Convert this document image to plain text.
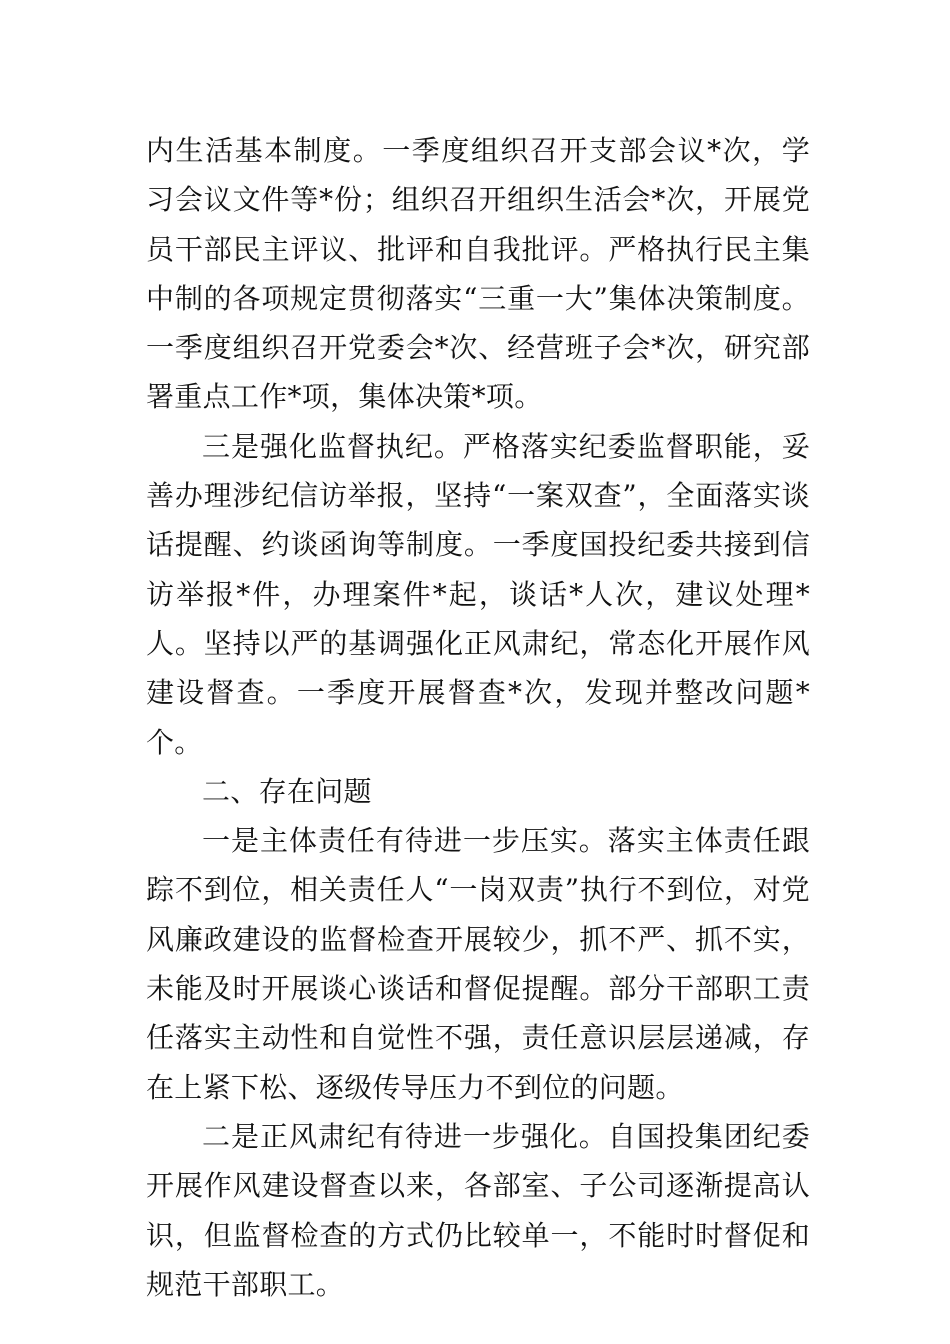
内生活基本制度。一季度组织召开支部会议*次，学习会议文件等*份；组织召开组织生活会*次，开展党员干部民主评议、批评和自我批评。严格执行民主集中制的各项规定贯彻落实“三重一大”集体决策制度。一季度组织召开党委会*次、经营班子会*次，研究部署重点工作*项，集体决策*项。

三是强化监督执纪。严格落实纪委监督职能，妥善办理涉纪信访举报，坚持“一案双查”，全面落实谈话提醒、约谈函询等制度。一季度国投纪委共接到信访举报*件，办理案件*起，谈话*人次，建议处理*人。坚持以严的基调强化正风肃纪，常态化开展作风建设督查。一季度开展督查*次，发现并整改问题*个。

二、存在问题

一是主体责任有待进一步压实。落实主体责任跟踪不到位，相关责任人“一岗双责”执行不到位，对党风廉政建设的监督检查开展较少，抓不严、抓不实，未能及时开展谈心谈话和督促提醒。部分干部职工责任落实主动性和自觉性不强，责任意识层层递减，存在上紧下松、逐级传导压力不到位的问题。

二是正风肃纪有待进一步强化。自国投集团纪委开展作风建设督查以来，各部室、子公司逐渐提高认识，但监督检查的方式仍比较单一，不能时时督促和规范干部职工。
